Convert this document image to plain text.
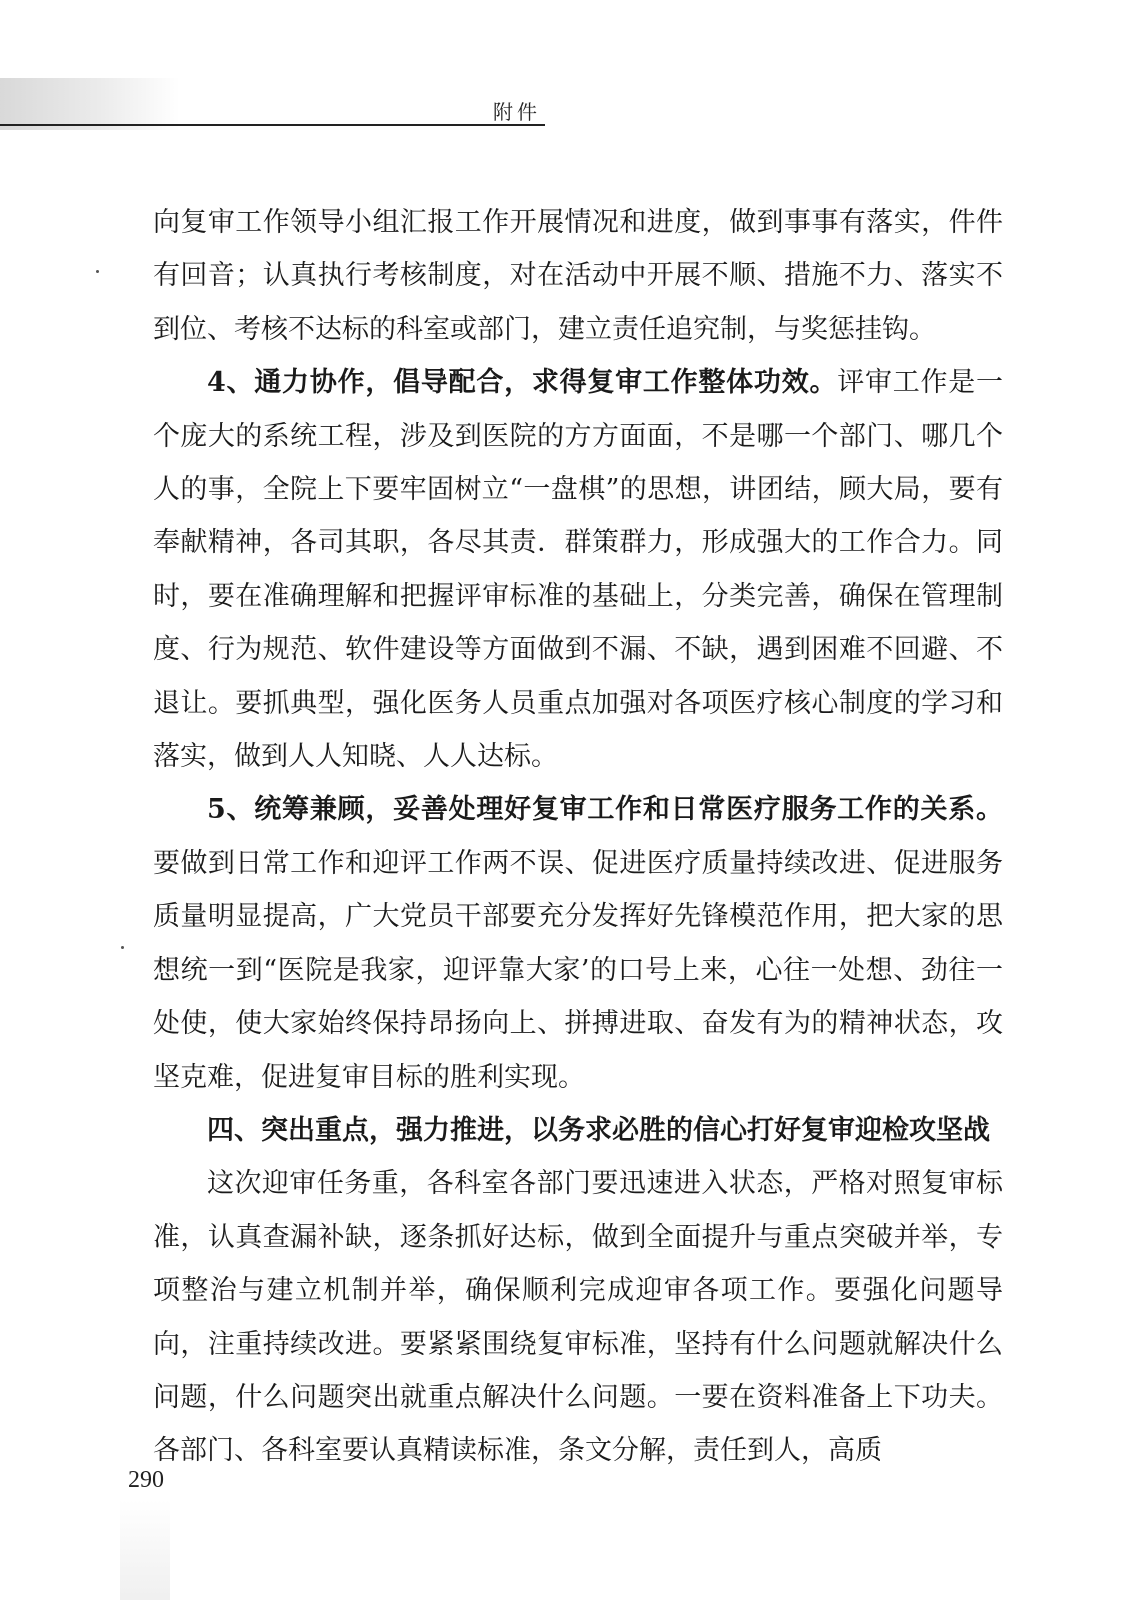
附件

向复审工作领导小组汇报工作开展情况和进度，做到事事有落实，件件有回音；认真执行考核制度，对在活动中开展不顺、措施不力、落实不到位、考核不达标的科室或部门，建立责任追究制，与奖惩挂钩。

4、通力协作，倡导配合，求得复审工作整体功效。评审工作是一个庞大的系统工程，涉及到医院的方方面面，不是哪一个部门、哪几个人的事，全院上下要牢固树立“一盘棋”的思想，讲团结，顾大局，要有奉献精神，各司其职，各尽其责．群策群力，形成强大的工作合力。同时，要在准确理解和把握评审标准的基础上，分类完善，确保在管理制度、行为规范、软件建设等方面做到不漏、不缺，遇到困难不回避、不退让。要抓典型，强化医务人员重点加强对各项医疗核心制度的学习和落实，做到人人知晓、人人达标。

5、统筹兼顾，妥善处理好复审工作和日常医疗服务工作的关系。要做到日常工作和迎评工作两不误、促进医疗质量持续改进、促进服务质量明显提高，广大党员干部要充分发挥好先锋模范作用，把大家的思想统一到“医院是我家，迎评靠大家’的口号上来，心往一处想、劲往一处使，使大家始终保持昂扬向上、拼搏进取、奋发有为的精神状态，攻坚克难，促进复审目标的胜利实现。

四、突出重点，强力推进，以务求必胜的信心打好复审迎检攻坚战

这次迎审任务重，各科室各部门要迅速进入状态，严格对照复审标准，认真查漏补缺，逐条抓好达标，做到全面提升与重点突破并举，专项整治与建立机制并举，确保顺利完成迎审各项工作。要强化问题导向，注重持续改进。要紧紧围绕复审标准，坚持有什么问题就解决什么问题，什么问题突出就重点解决什么问题。一要在资料准备上下功夫。各部门、各科室要认真精读标准，条文分解，责任到人，高质

290
